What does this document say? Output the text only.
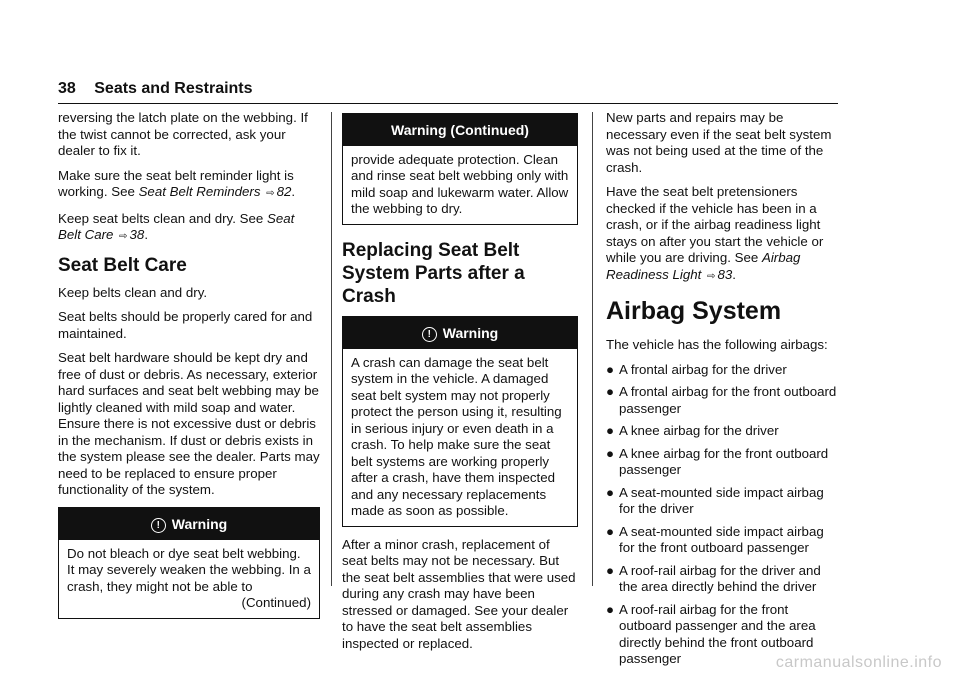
38 Seats and Restraints

reversing the latch plate on the webbing. If the twist cannot be corrected, ask your dealer to fix it.

Make sure the seat belt reminder light is working. See Seat Belt Reminders ⇨ 82.

Keep seat belts clean and dry. See Seat Belt Care ⇨ 38.

Seat Belt Care

Keep belts clean and dry.

Seat belts should be properly cared for and maintained.

Seat belt hardware should be kept dry and free of dust or debris. As necessary, exterior hard surfaces and seat belt webbing may be lightly cleaned with mild soap and water. Ensure there is not excessive dust or debris in the mechanism. If dust or debris exists in the system please see the dealer. Parts may need to be replaced to ensure proper functionality of the system.

! Warning
Do not bleach or dye seat belt webbing. It may severely weaken the webbing. In a crash, they might not be able to
(Continued)
Warning (Continued)
provide adequate protection. Clean and rinse seat belt webbing only with mild soap and lukewarm water. Allow the webbing to dry.
Replacing Seat Belt System Parts after a Crash
! Warning
A crash can damage the seat belt system in the vehicle. A damaged seat belt system may not properly protect the person using it, resulting in serious injury or even death in a crash. To help make sure the seat belt systems are working properly after a crash, have them inspected and any necessary replacements made as soon as possible.

After a minor crash, replacement of seat belts may not be necessary. But the seat belt assemblies that were used during any crash may have been stressed or damaged. See your dealer to have the seat belt assemblies inspected or replaced.

New parts and repairs may be necessary even if the seat belt system was not being used at the time of the crash.

Have the seat belt pretensioners checked if the vehicle has been in a crash, or if the airbag readiness light stays on after you start the vehicle or while you are driving. See Airbag Readiness Light ⇨ 83.

Airbag System

The vehicle has the following airbags:

● A frontal airbag for the driver
● A frontal airbag for the front outboard passenger
● A knee airbag for the driver
● A knee airbag for the front outboard passenger
● A seat-mounted side impact airbag for the driver
● A seat-mounted side impact airbag for the front outboard passenger
● A roof-rail airbag for the driver and the area directly behind the driver
● A roof-rail airbag for the front outboard passenger and the area directly behind the front outboard passenger	carmanualsonline.info
